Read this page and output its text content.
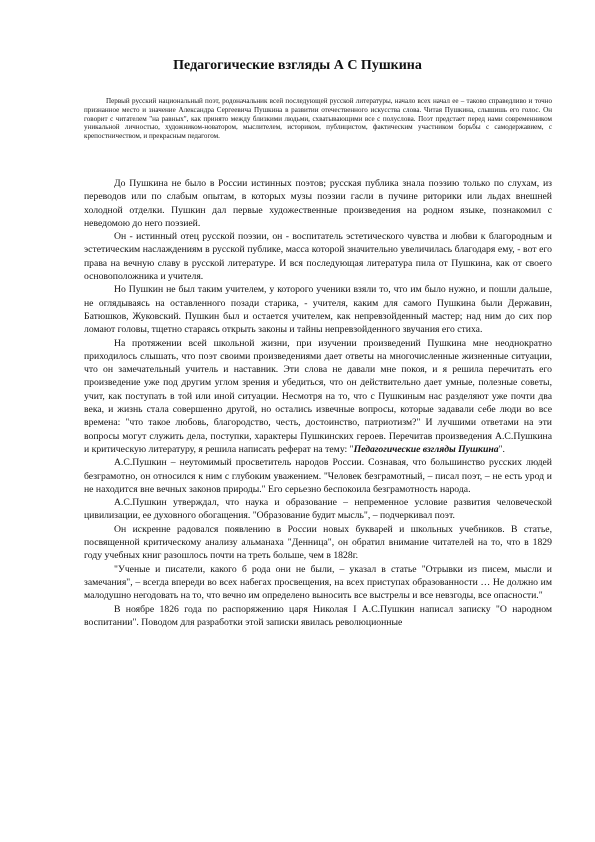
Педагогические взгляды А С Пушкина

Первый русский национальный поэт, родоначальник всей последующей русской литературы, начало всех начал ее – таково справедливо и точно признанное место и значение Александра Сергеевича Пушкина в развитии отечественного искусства слова. Читая Пушкина, слышишь его голос. Он говорит с читателем "на равных", как принято между близкими людьми, схватывающими все с полуслова. Поэт предстает перед нами современником уникальной личностью, художником-новатором, мыслителем, историком, публицистом, фактическим участником борьбы с самодержавием, с крепостничеством, и прекрасным педагогом.

До Пушкина не было в России истинных поэтов; русская публика знала поэзию только по слухам, из переводов или по слабым опытам, в которых музы поэзии гасли в пучине риторики или льдах внешней холодной отделки. Пушкин дал первые художественные произведения на родном языке, познакомил с неведомою до него поэзией.

Он - истинный отец русской поэзии, он - воспитатель эстетического чувства и любви к благородным и эстетическим наслаждениям в русской публике, масса которой значительно увеличилась благодаря ему, - вот его права на вечную славу в русской литературе. И вся последующая литература пила от Пушкина, как от своего основоположника и учителя.

Но Пушкин не был таким учителем, у которого ученики взяли то, что им было нужно, и пошли дальше, не оглядываясь на оставленного позади старика, - учителя, каким для самого Пушкина были Державин, Батюшков, Жуковский. Пушкин был и остается учителем, как непревзойденный мастер; над ним до сих пор ломают головы, тщетно стараясь открыть законы и тайны непревзойденного звучания его стиха.

На протяжении всей школьной жизни, при изучении произведений Пушкина мне неоднократно приходилось слышать, что поэт своими произведениями дает ответы на многочисленные жизненные ситуации, что он замечательный учитель и наставник. Эти слова не давали мне покоя, и я решила перечитать его произведение уже под другим углом зрения и убедиться, что он действительно дает умные, полезные советы, учит, как поступать в той или иной ситуации. Несмотря на то, что с Пушкиным нас разделяют уже почти два века, и жизнь стала совершенно другой, но остались извечные вопросы, которые задавали себе люди во все времена: "что такое любовь, благородство, честь, достоинство, патриотизм?" И лучшими ответами на эти вопросы могут служить дела, поступки, характеры Пушкинских героев. Перечитав произведения А.С.Пушкина и критическую литературу, я решила написать реферат на тему: "Педагогические взгляды Пушкина".

А.С.Пушкин – неутомимый просветитель народов России. Сознавая, что большинство русских людей безграмотно, он относился к ним с глубоким уважением. "Человек безграмотный, – писал поэт, – не есть урод и не находится вне вечных законов природы." Его серьезно беспокоила безграмотность народа.

А.С.Пушкин утверждал, что наука и образование – непременное условие развития человеческой цивилизации, ее духовного обогащения. "Образование будит мысль", – подчеркивал поэт.

Он искренне радовался появлению в России новых букварей и школьных учебников. В статье, посвященной критическому анализу альманаха "Денница", он обратил внимание читателей на то, что в 1829 году учебных книг разошлось почти на треть больше, чем в 1828г.

"Ученые и писатели, какого б рода они не были, – указал в статье "Отрывки из писем, мысли и замечания", – всегда впереди во всех набегах просвещения, на всех приступах образованности … Не должно им малодушно негодовать на то, что вечно им определено выносить все выстрелы и все невзгоды, все опасности."

В ноябре 1826 года по распоряжению царя Николая I А.С.Пушкин написал записку "О народном воспитании". Поводом для разработки этой записки явилась революционные
